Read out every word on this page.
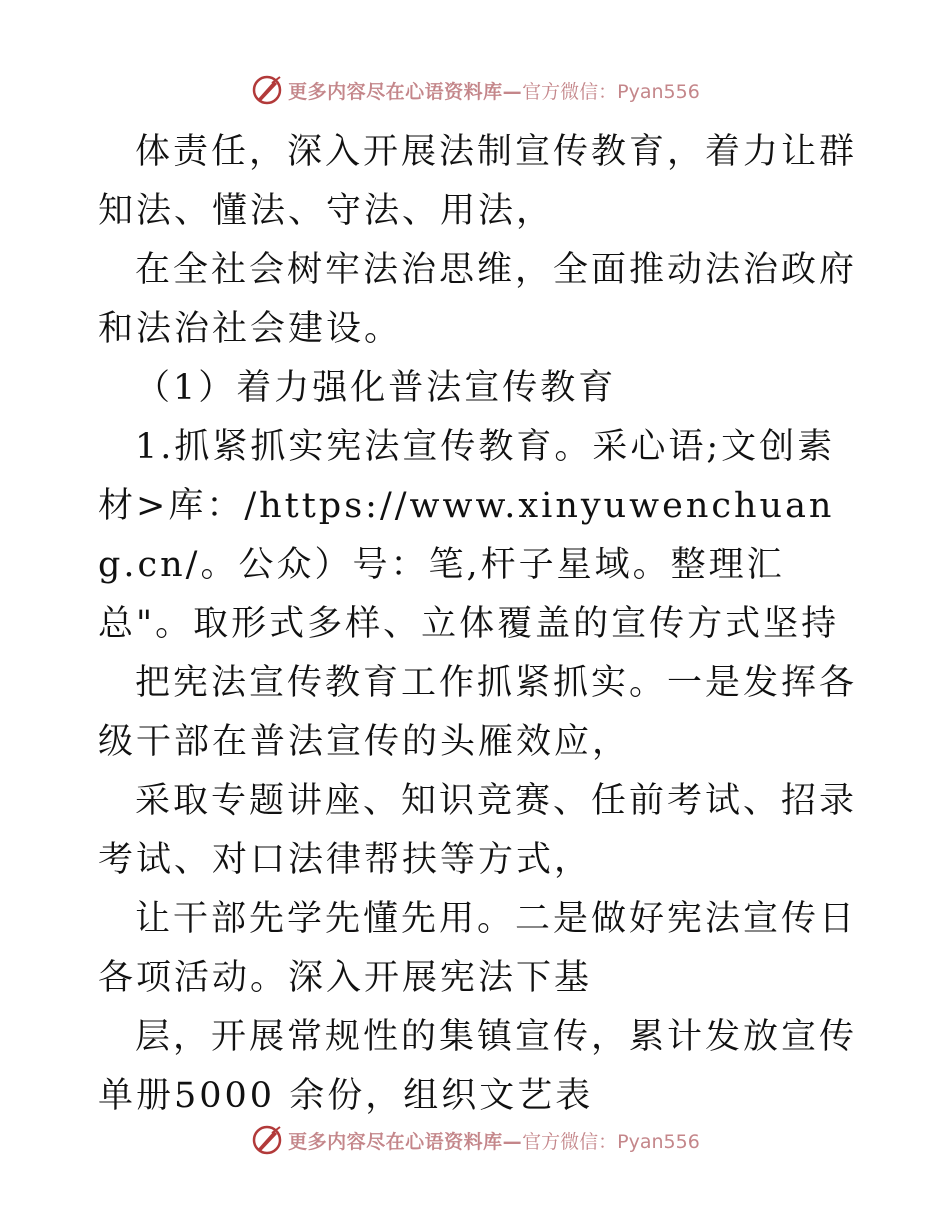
更多内容尽在心语资料库— 官方微信：Pyan556

体责任，深入开展法制宣传教育，着力让群知法、懂法、守法、用法，

在全社会树牢法治思维，全面推动法治政府和法治社会建设。

（1）着力强化普法宣传教育

1.抓紧抓实宪法宣传教育。采心语;文创素材>库：/https://www.xinyuwenchuang.cn/。公众）号：笔,杆子星域。整理汇总"。取形式多样、立体覆盖的宣传方式坚持

把宪法宣传教育工作抓紧抓实。一是发挥各级干部在普法宣传的头雁效应，

采取专题讲座、知识竞赛、任前考试、招录考试、对口法律帮扶等方式，

让干部先学先懂先用。二是做好宪法宣传日各项活动。深入开展宪法下基

层，开展常规性的集镇宣传，累计发放宣传单册5000 余份，组织文艺表

更多内容尽在心语资料库— 官方微信：Pyan556
